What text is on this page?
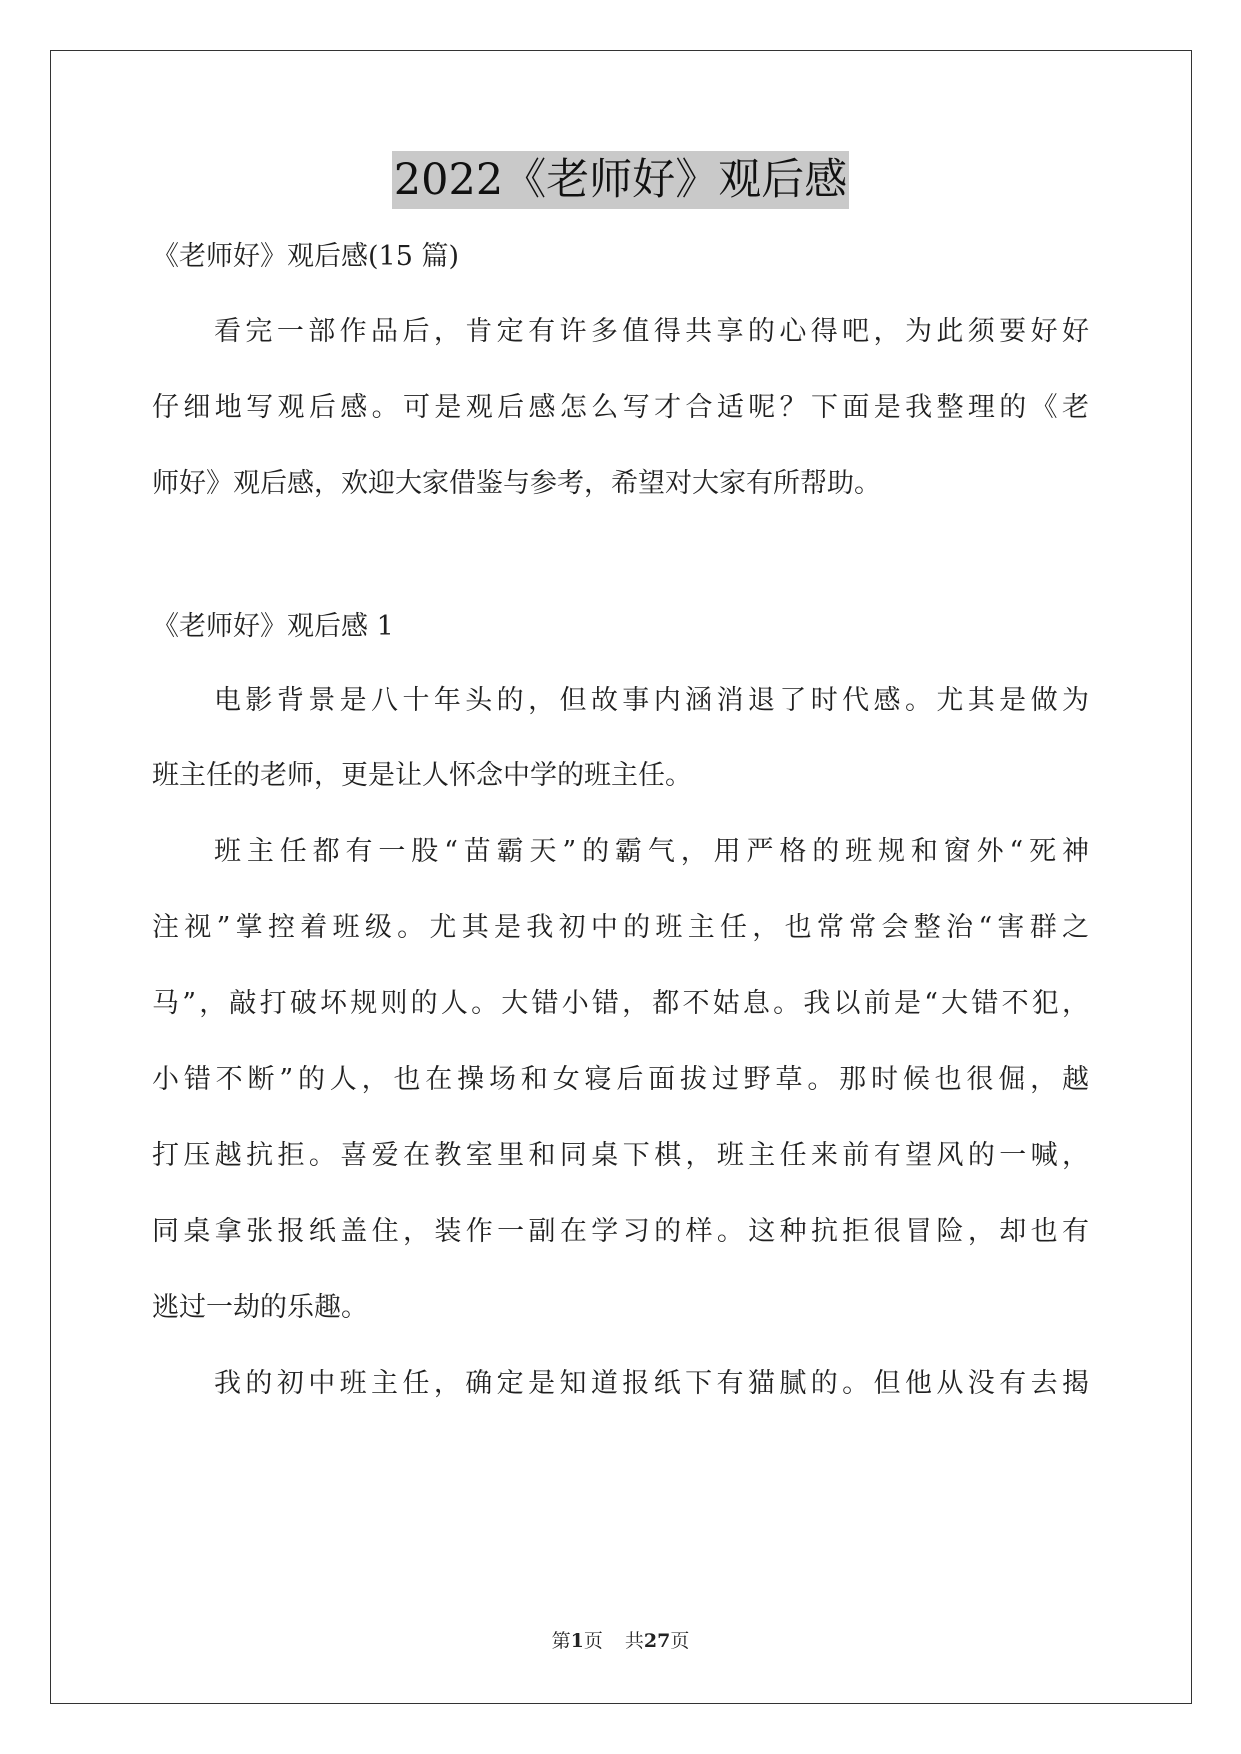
2022《老师好》观后感
《老师好》观后感(15 篇)
看完一部作品后，肯定有许多值得共享的心得吧，为此须要好好
仔细地写观后感。可是观后感怎么写才合适呢？下面是我整理的《老
师好》观后感，欢迎大家借鉴与参考，希望对大家有所帮助。
《老师好》观后感 1
电影背景是八十年头的，但故事内涵消退了时代感。尤其是做为
班主任的老师，更是让人怀念中学的班主任。
班主任都有一股“苗霸天”的霸气，用严格的班规和窗外“死神
注视”掌控着班级。尤其是我初中的班主任，也常常会整治“害群之
马”，敲打破坏规则的人。大错小错，都不姑息。我以前是“大错不犯，
小错不断”的人，也在操场和女寝后面拔过野草。那时候也很倔，越
打压越抗拒。喜爱在教室里和同桌下棋，班主任来前有望风的一喊，
同桌拿张报纸盖住，装作一副在学习的样。这种抗拒很冒险，却也有
逃过一劫的乐趣。
我的初中班主任，确定是知道报纸下有猫腻的。但他从没有去揭
第1页 共27页
